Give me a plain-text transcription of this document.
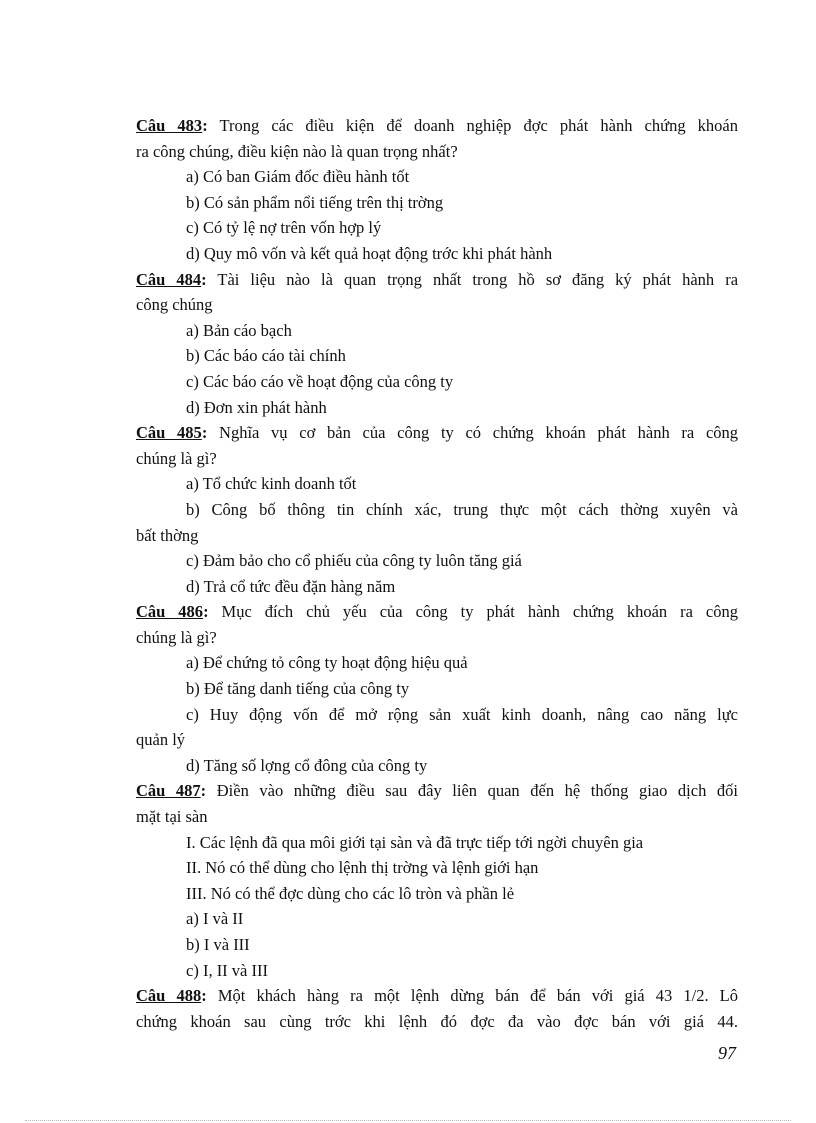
Câu 483: Trong các điều kiện để doanh nghiệp đợc phát hành chứng khoán
ra công chúng, điều kiện nào là quan trọng nhất?
a) Có ban Giám đốc điều hành tốt
b) Có sản phẩm nổi tiếng trên thị trờng
c) Có tỷ lệ nợ trên vốn hợp lý
d) Quy mô vốn và kết quả hoạt động trớc khi phát hành
Câu 484: Tài liệu nào là quan trọng nhất trong hồ sơ đăng ký phát hành ra
công chúng
a) Bản cáo bạch
b) Các báo cáo tài chính
c) Các báo cáo về hoạt động của công ty
d) Đơn xin phát hành
Câu 485: Nghĩa vụ cơ bản của công ty có chứng khoán phát hành ra công
chúng là gì?
a) Tổ chức kinh doanh tốt
b) Công bố thông tin chính xác, trung thực một cách thờng xuyên và
bất thờng
c) Đảm bảo cho cổ phiếu của công ty luôn tăng giá
d) Trả cổ tức đều đặn hàng năm
Câu 486: Mục đích chủ yếu của công ty phát hành chứng khoán ra công
chúng là gì?
a) Để chứng tỏ công ty hoạt động hiệu quả
b) Để tăng danh tiếng của công ty
c) Huy động vốn để mở rộng sản xuất kinh doanh, nâng cao năng lực
quản lý
d) Tăng số lợng cổ đông của công ty
Câu 487: Điền vào những điều sau đây liên quan đến hệ thống giao dịch đối
mặt tại sàn
I. Các lệnh đã qua môi giới tại sàn và đã trực tiếp tới ngời chuyên gia
II. Nó có thể dùng cho lệnh thị trờng và lệnh giới hạn
III. Nó có thể đợc dùng cho các lô tròn và phần lẻ
a) I và II
b) I và III
c) I, II và III
Câu 488: Một khách hàng ra một lệnh dừng bán để bán với giá 43 1/2. Lô
chứng khoán sau cùng trớc khi lệnh đó đợc đa vào đợc bán với giá 44.
97
